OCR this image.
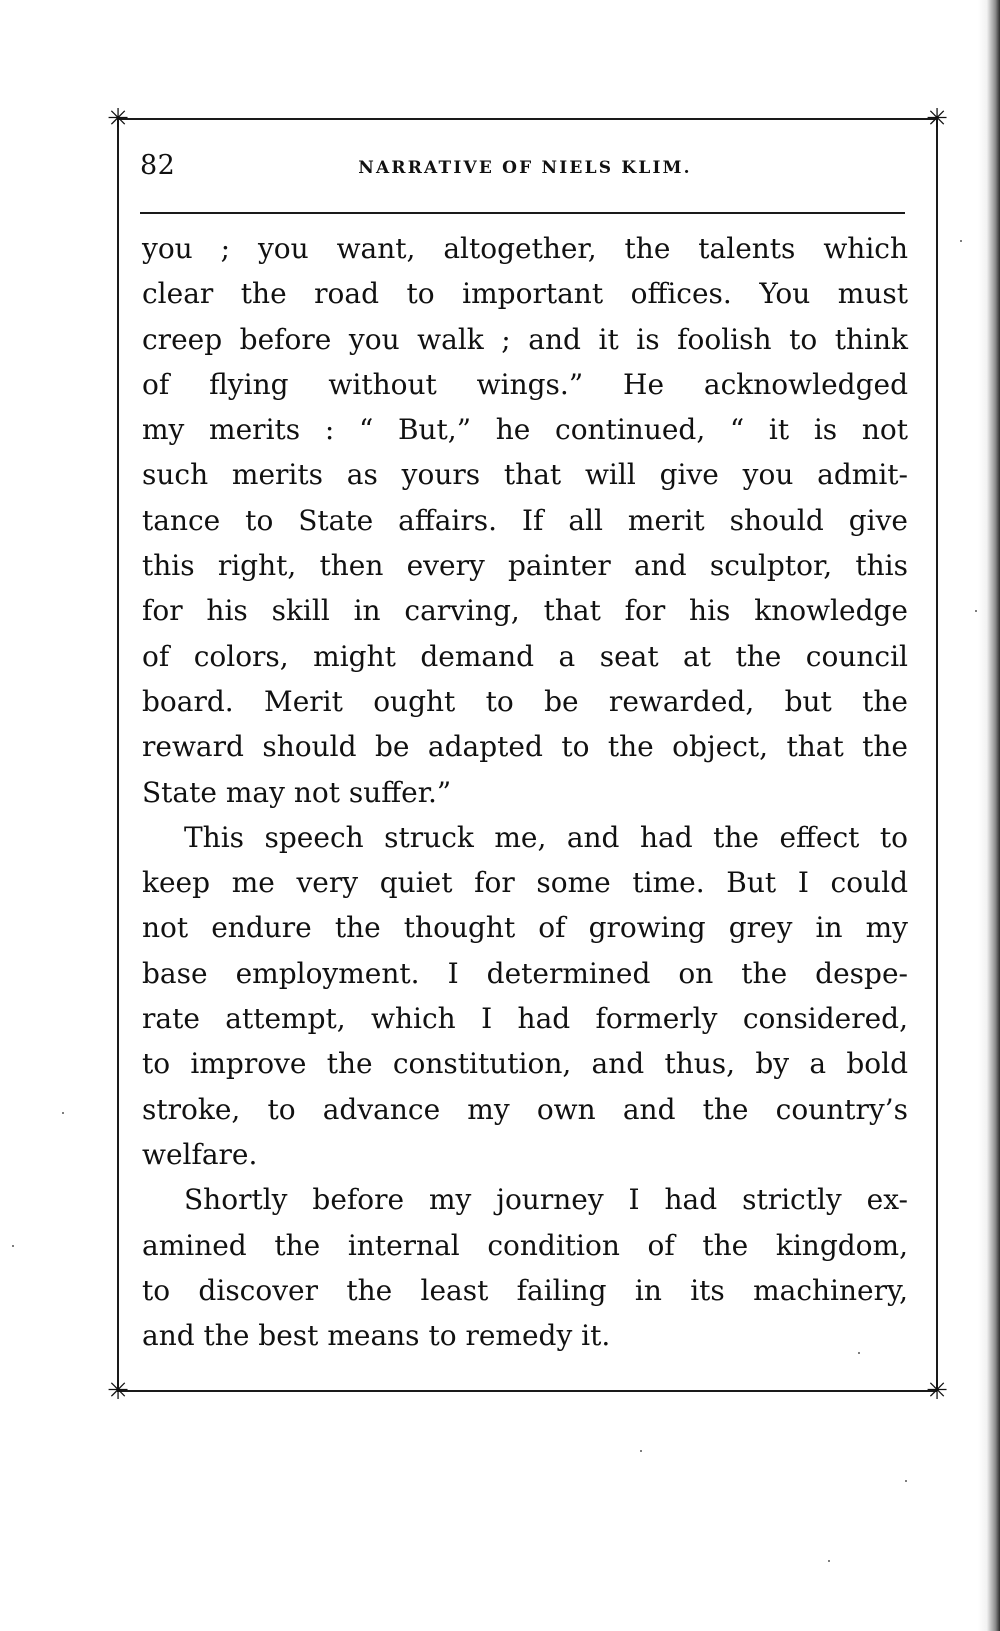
✳	✳
✳	✳
82	NARRATIVE OF NIELS KLIM.
you ; you want, altogether, the talents which
clear the road to important offices. You must
creep before you walk ; and it is foolish to think
of flying without wings.” He acknowledged
my merits : “ But,” he continued, “ it is not
such merits as yours that will give you admit-
tance to State affairs. If all merit should give
this right, then every painter and sculptor, this
for his skill in carving, that for his knowledge
of colors, might demand a seat at the council
board. Merit ought to be rewarded, but the
reward should be adapted to the object, that the
State may not suffer.”
This speech struck me, and had the effect to
keep me very quiet for some time. But I could
not endure the thought of growing grey in my
base employment. I determined on the despe-
rate attempt, which I had formerly considered,
to improve the constitution, and thus, by a bold
stroke, to advance my own and the country’s
welfare.
Shortly before my journey I had strictly ex-
amined the internal condition of the kingdom,
to discover the least failing in its machinery,
and the best means to remedy it.
